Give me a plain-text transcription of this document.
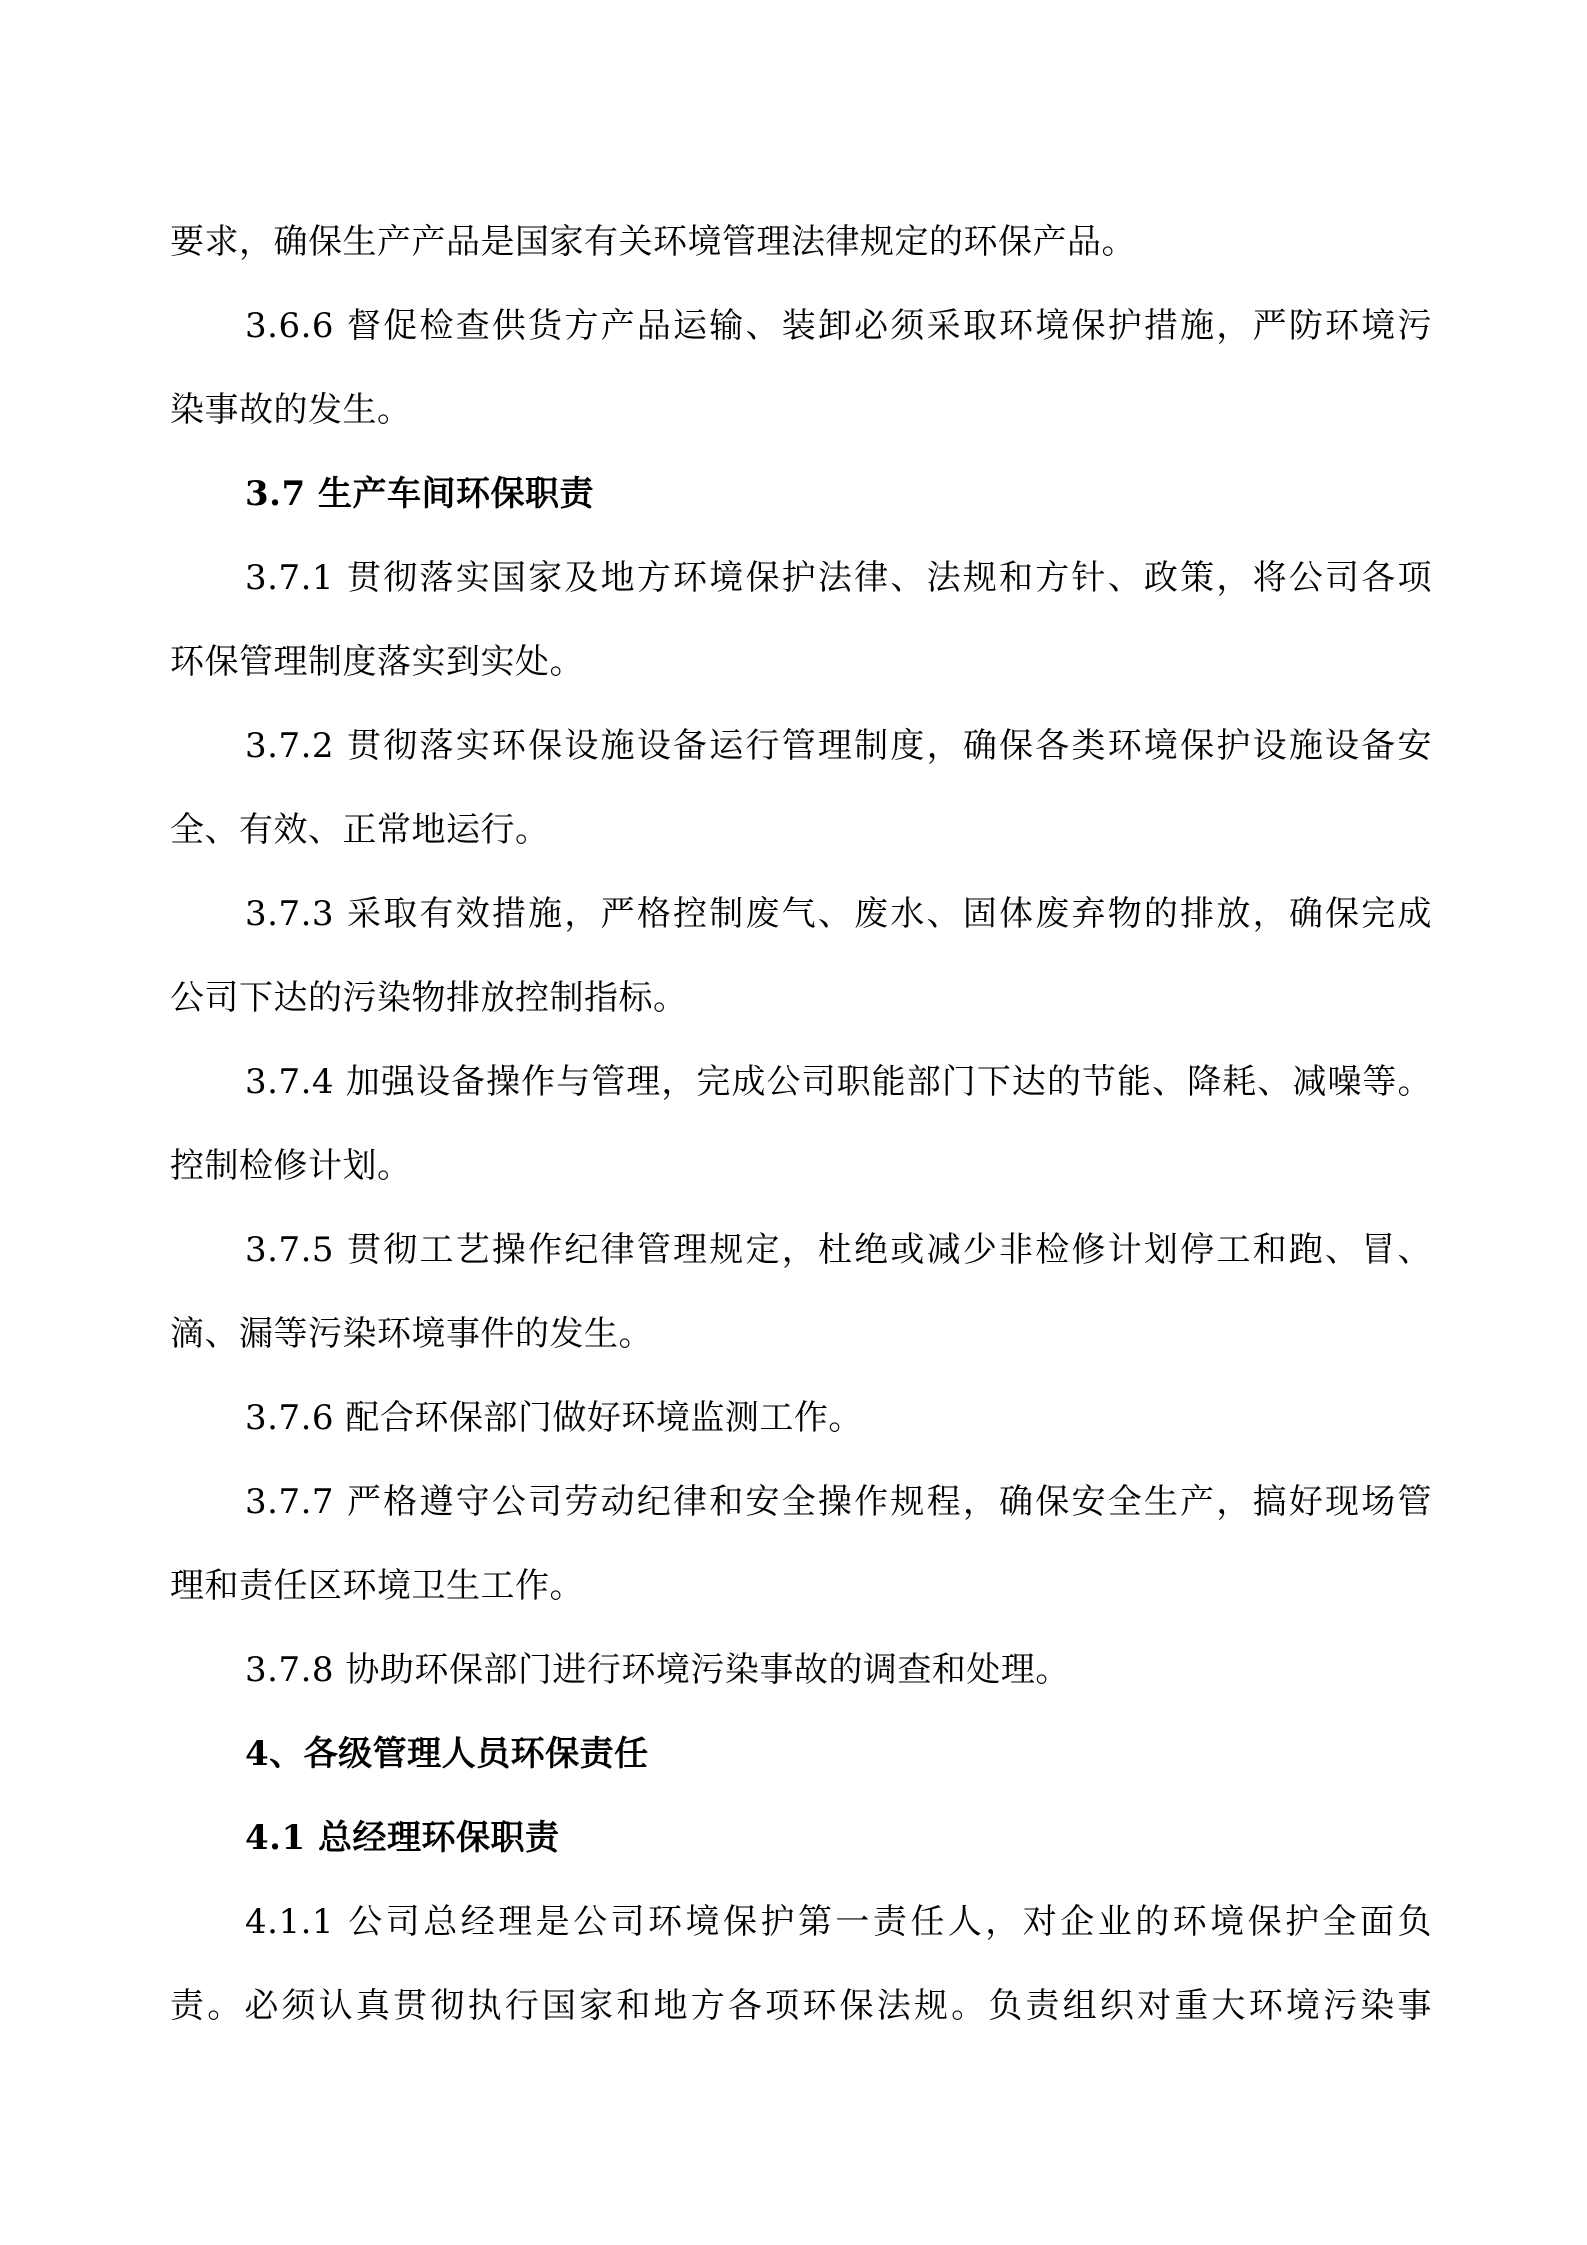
要求，确保生产产品是国家有关环境管理法律规定的环保产品。
3.6.6 督促检查供货方产品运输、装卸必须采取环境保护措施，严防环境污
染事故的发生。
3.7 生产车间环保职责
3.7.1 贯彻落实国家及地方环境保护法律、法规和方针、政策，将公司各项
环保管理制度落实到实处。
3.7.2 贯彻落实环保设施设备运行管理制度，确保各类环境保护设施设备安
全、有效、正常地运行。
3.7.3 采取有效措施，严格控制废气、废水、固体废弃物的排放，确保完成
公司下达的污染物排放控制指标。
3.7.4 加强设备操作与管理，完成公司职能部门下达的节能、降耗、减噪等。
控制检修计划。
3.7.5 贯彻工艺操作纪律管理规定，杜绝或减少非检修计划停工和跑、冒、
滴、漏等污染环境事件的发生。
3.7.6 配合环保部门做好环境监测工作。
3.7.7 严格遵守公司劳动纪律和安全操作规程，确保安全生产，搞好现场管
理和责任区环境卫生工作。
3.7.8 协助环保部门进行环境污染事故的调查和处理。
4、各级管理人员环保责任
4.1 总经理环保职责
4.1.1 公司总经理是公司环境保护第一责任人，对企业的环境保护全面负
责。必须认真贯彻执行国家和地方各项环保法规。负责组织对重大环境污染事
